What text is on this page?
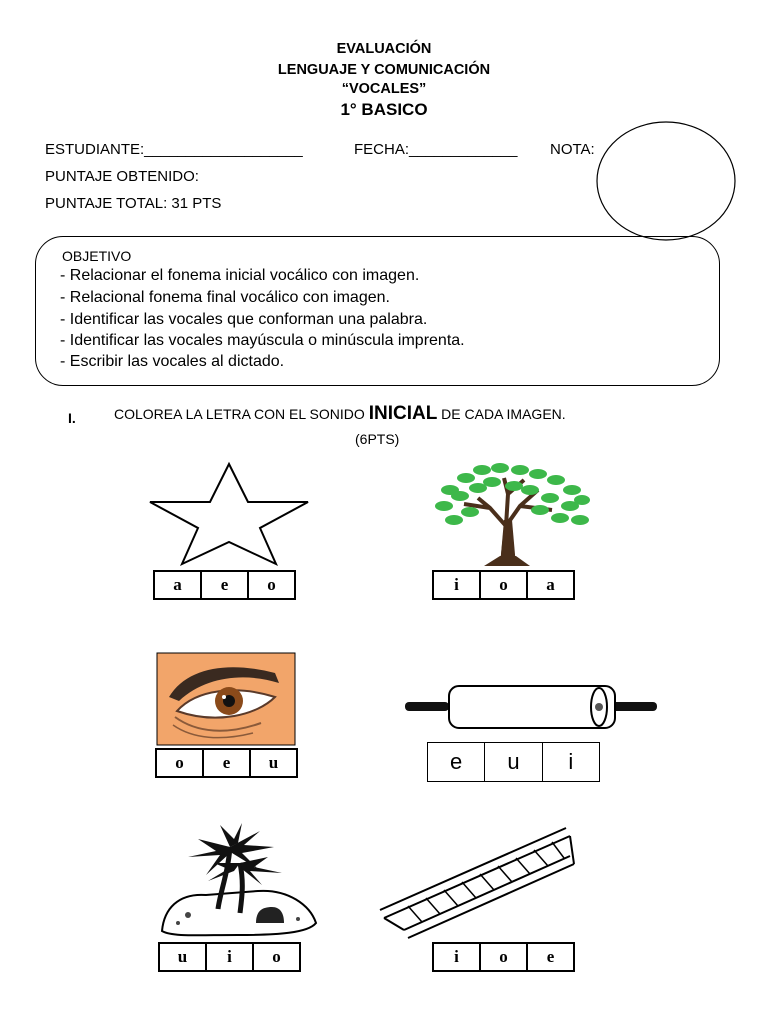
EVALUACIÓN
LENGUAJE Y COMUNICACIÓN
“VOCALES”
1° BASICO
ESTUDIANTE:___________________	FECHA:_____________ NOTA:
PUNTAJE OBTENIDO:
PUNTAJE TOTAL: 31 PTS
OBJETIVO
- Relacionar el fonema inicial vocálico con imagen.
- Relacional fonema final vocálico con imagen.
- Identificar las vocales que conforman una palabra.
- Identificar las vocales mayúscula o minúscula imprenta.
- Escribir las vocales al dictado.
I.	COLOREA LA LETRA CON EL SONIDO INICIAL DE CADA IMAGEN.
(6PTS)
a	e	o	i	o	a
o	e	u	e	u	i
u	i	o	i	o	e
